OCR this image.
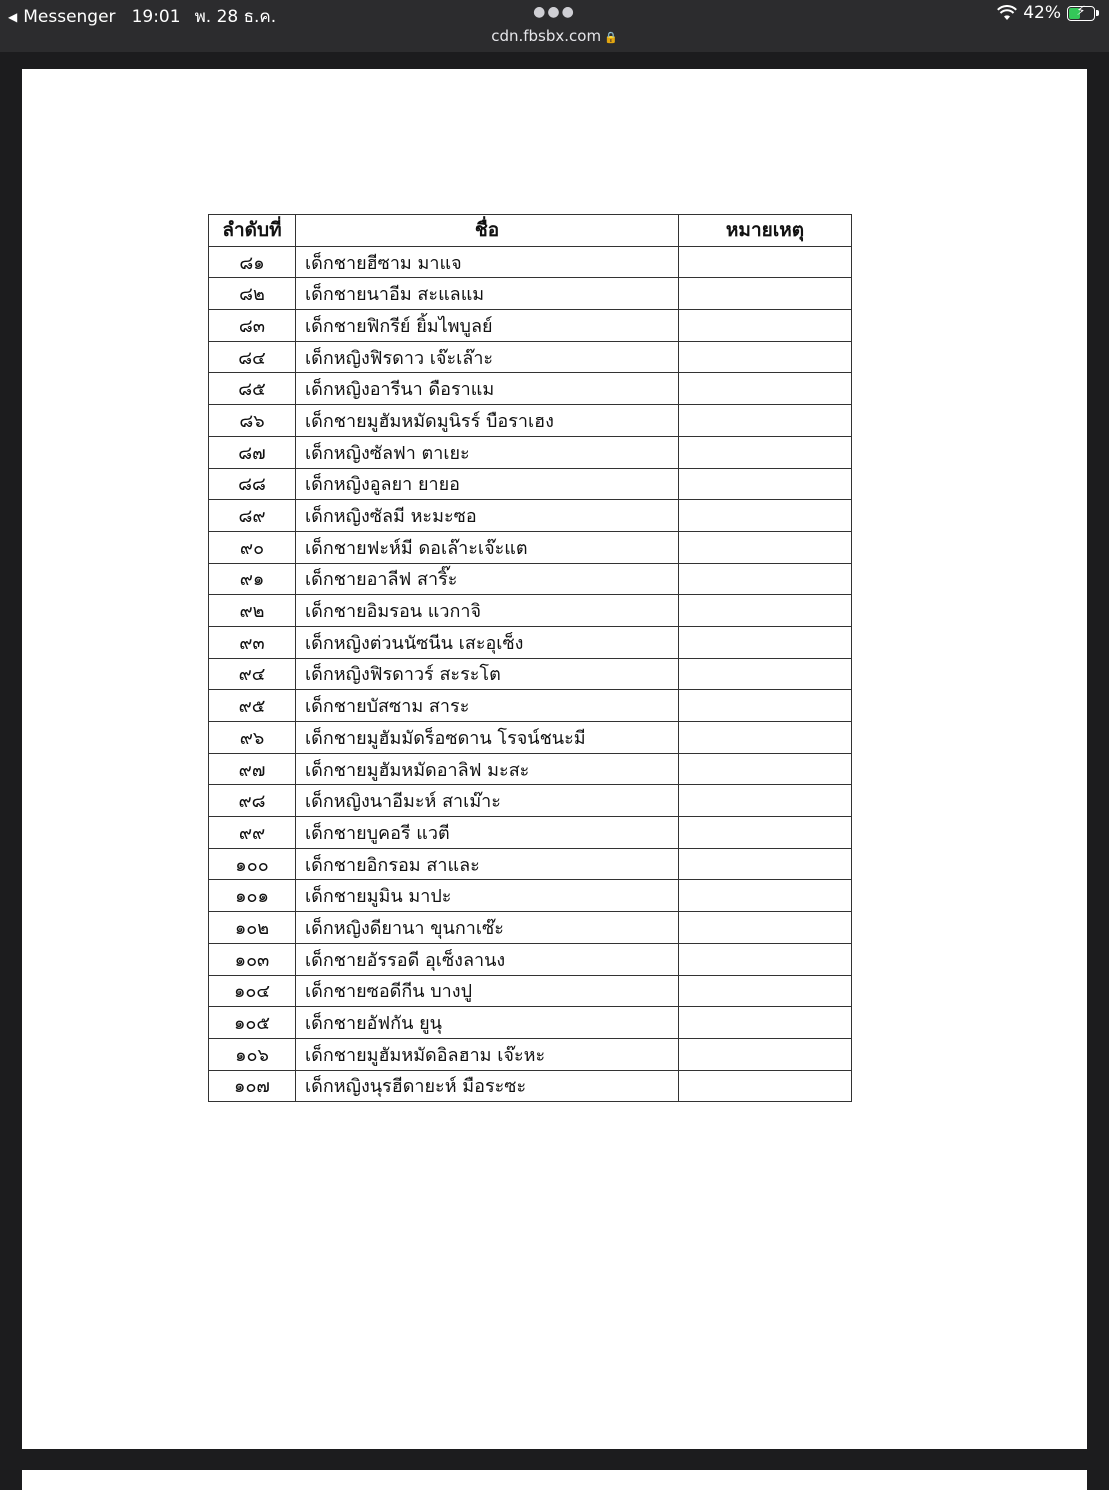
◀ Messenger 19:01 พ. 28 ธ.ค.	●●●
cdn.fbsbx.com 🔒
42%	⚡
ลำดับที่	ชื่อ	หมายเหตุ
๘๑	เด็กชายฮีซาม มาแจ	
๘๒	เด็กชายนาอีม สะแลแม	
๘๓	เด็กชายฟิกรีย์ ยิ้มไพบูลย์	
๘๔	เด็กหญิงฟิรดาว เจ๊ะเล๊าะ	
๘๕	เด็กหญิงอารีนา ดือราแม	
๘๖	เด็กชายมูฮัมหมัดมูนิรร์ บือราเฮง	
๘๗	เด็กหญิงซัลฟา ตาเยะ	
๘๘	เด็กหญิงอูลยา ยายอ	
๘๙	เด็กหญิงซัลมี หะมะซอ	
๙๐	เด็กชายฟะห์มี ดอเล๊าะเจ๊ะแต	
๙๑	เด็กชายอาลีฟ สาริ๊ะ	
๙๒	เด็กชายอิมรอน แวกาจิ	
๙๓	เด็กหญิงต่วนนัซนีน เสะอุเซ็ง	
๙๔	เด็กหญิงฟิรดาวร์ สะระโต	
๙๕	เด็กชายบัสซาม สาระ	
๙๖	เด็กชายมูฮัมมัดร็อซดาน โรจน์ชนะมี	
๙๗	เด็กชายมูฮัมหมัดอาลิฟ มะสะ	
๙๘	เด็กหญิงนาอีมะห์ สาเม๊าะ	
๙๙	เด็กชายบูคอรี แวตี	
๑๐๐	เด็กชายอิกรอม สาและ	
๑๐๑	เด็กชายมูมิน มาปะ	
๑๐๒	เด็กหญิงดียานา ขุนกาเซ๊ะ	
๑๐๓	เด็กชายอัรรอดี อุเซ็งลานง	
๑๐๔	เด็กชายซอดีกีน บางปู	
๑๐๕	เด็กชายอัฟกัน ยูนุ	
๑๐๖	เด็กชายมูฮัมหมัดอิลฮาม เจ๊ะหะ	
๑๐๗	เด็กหญิงนุรฮีดายะห์ มือระซะ	
